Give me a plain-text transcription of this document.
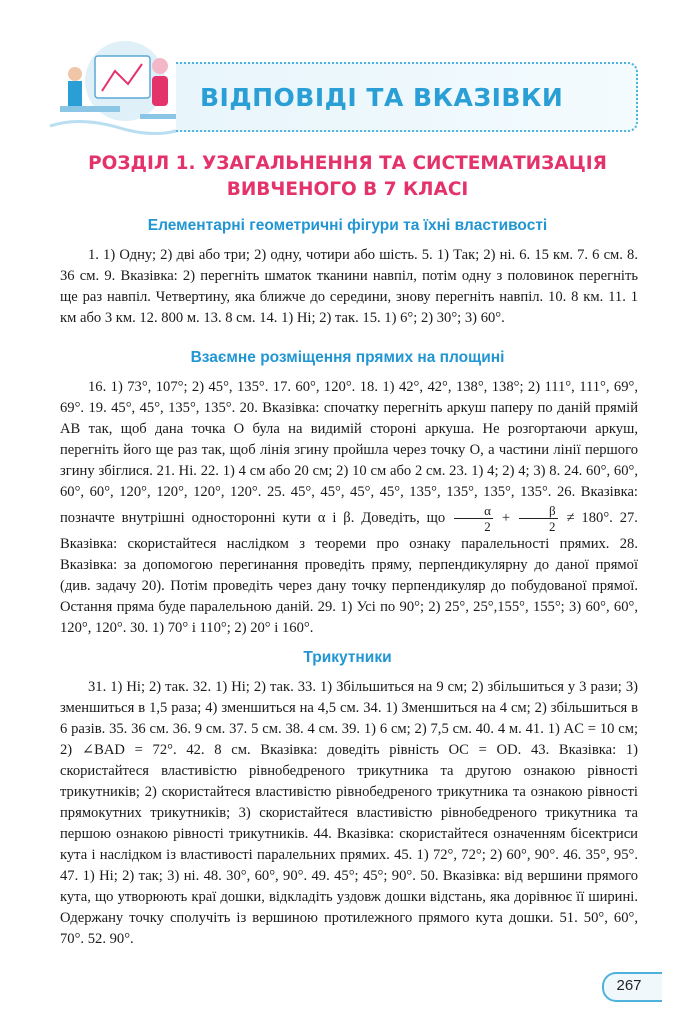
ВІДПОВІДІ ТА ВКАЗІВКИ
РОЗДІЛ 1. УЗАГАЛЬНЕННЯ ТА СИСТЕМАТИЗАЦІЯ
ВИВЧЕНОГО В 7 КЛАСІ
Елементарні геометричні фігури та їхні властивості

1. 1) Одну; 2) дві або три; 2) одну, чотири або шість. 5. 1) Так; 2) ні. 6. 15 км. 7. 6 см. 8. 36 см. 9. Вказівка: 2) перегніть шматок тканини навпіл, потім одну з половинок перегніть ще раз навпіл. Четвертину, яка ближче до середини, знову перегніть навпіл. 10. 8 км. 11. 1 км або 3 км. 12. 800 м. 13. 8 см. 14. 1) Ні; 2) так. 15. 1) 6°; 2) 30°; 3) 60°.

Взаємне розміщення прямих на площині

16. 1) 73°, 107°; 2) 45°, 135°. 17. 60°, 120°. 18. 1) 42°, 42°, 138°, 138°; 2) 111°, 111°, 69°, 69°. 19. 45°, 45°, 135°, 135°. 20. Вказівка: спочатку перегніть аркуш паперу по даній прямій AB так, щоб дана точка O була на видимій стороні аркуша. Не розгортаючи аркуш, перегніть його ще раз так, щоб лінія згину пройшла через точку O, а частини лінії першого згину збіглися. 21. Ні. 22. 1) 4 см або 20 см; 2) 10 см або 2 см. 23. 1) 4; 2) 4; 3) 8. 24. 60°, 60°, 60°, 60°, 120°, 120°, 120°, 120°. 25. 45°, 45°, 45°, 45°, 135°, 135°, 135°, 135°. 26. Вказівка: позначте внутрішні односторонні кути α і β. Доведіть, що $\frac{\alpha}{2} + \frac{\beta}{2} \ne 180^\circ$. 27. Вказівка: скористайтеся наслідком з теореми про ознаку паралельності прямих. 28. Вказівка: за допомогою перегинання проведіть пряму, перпендикулярну до даної прямої (див. задачу 20). Потім проведіть через дану точку перпендикуляр до побудованої прямої. Остання пряма буде паралельною даній. 29. 1) Усі по 90°; 2) 25°, 25°,155°, 155°; 3) 60°, 60°, 120°, 120°. 30. 1) 70° і 110°; 2) 20° і 160°.

Трикутники

31. 1) Ні; 2) так. 32. 1) Ні; 2) так. 33. 1) Збільшиться на 9 см; 2) збільшиться у 3 рази; 3) зменшиться в 1,5 раза; 4) зменшиться на 4,5 см. 34. 1) Зменшиться на 4 см; 2) збільшиться в 6 разів. 35. 36 см. 36. 9 см. 37. 5 см. 38. 4 см. 39. 1) 6 см; 2) 7,5 см. 40. 4 м. 41. 1) AC = 10 см; 2) ∠BAD = 72°. 42. 8 см. Вказівка: доведіть рівність OC = OD. 43. Вказівка: 1) скористайтеся властивістю рівнобедреного трикутника та другою ознакою рівності трикутників; 2) скористайтеся властивістю рівнобедреного трикутника та ознакою рівності прямокутних трикутників; 3) скористайтеся властивістю рівнобедреного трикутника та першою ознакою рівності трикутників. 44. Вказівка: скористайтеся означенням бісектриси кута і наслідком із властивості паралельних прямих. 45. 1) 72°, 72°; 2) 60°, 90°. 46. 35°, 95°. 47. 1) Ні; 2) так; 3) ні. 48. 30°, 60°, 90°. 49. 45°; 45°; 90°. 50. Вказівка: від вершини прямого кута, що утворюють краї дошки, відкладіть уздовж дошки відстань, яка дорівнює її ширині. Одержану точку сполучіть із вершиною протилежного прямого кута дошки. 51. 50°, 60°, 70°. 52. 90°.

267
